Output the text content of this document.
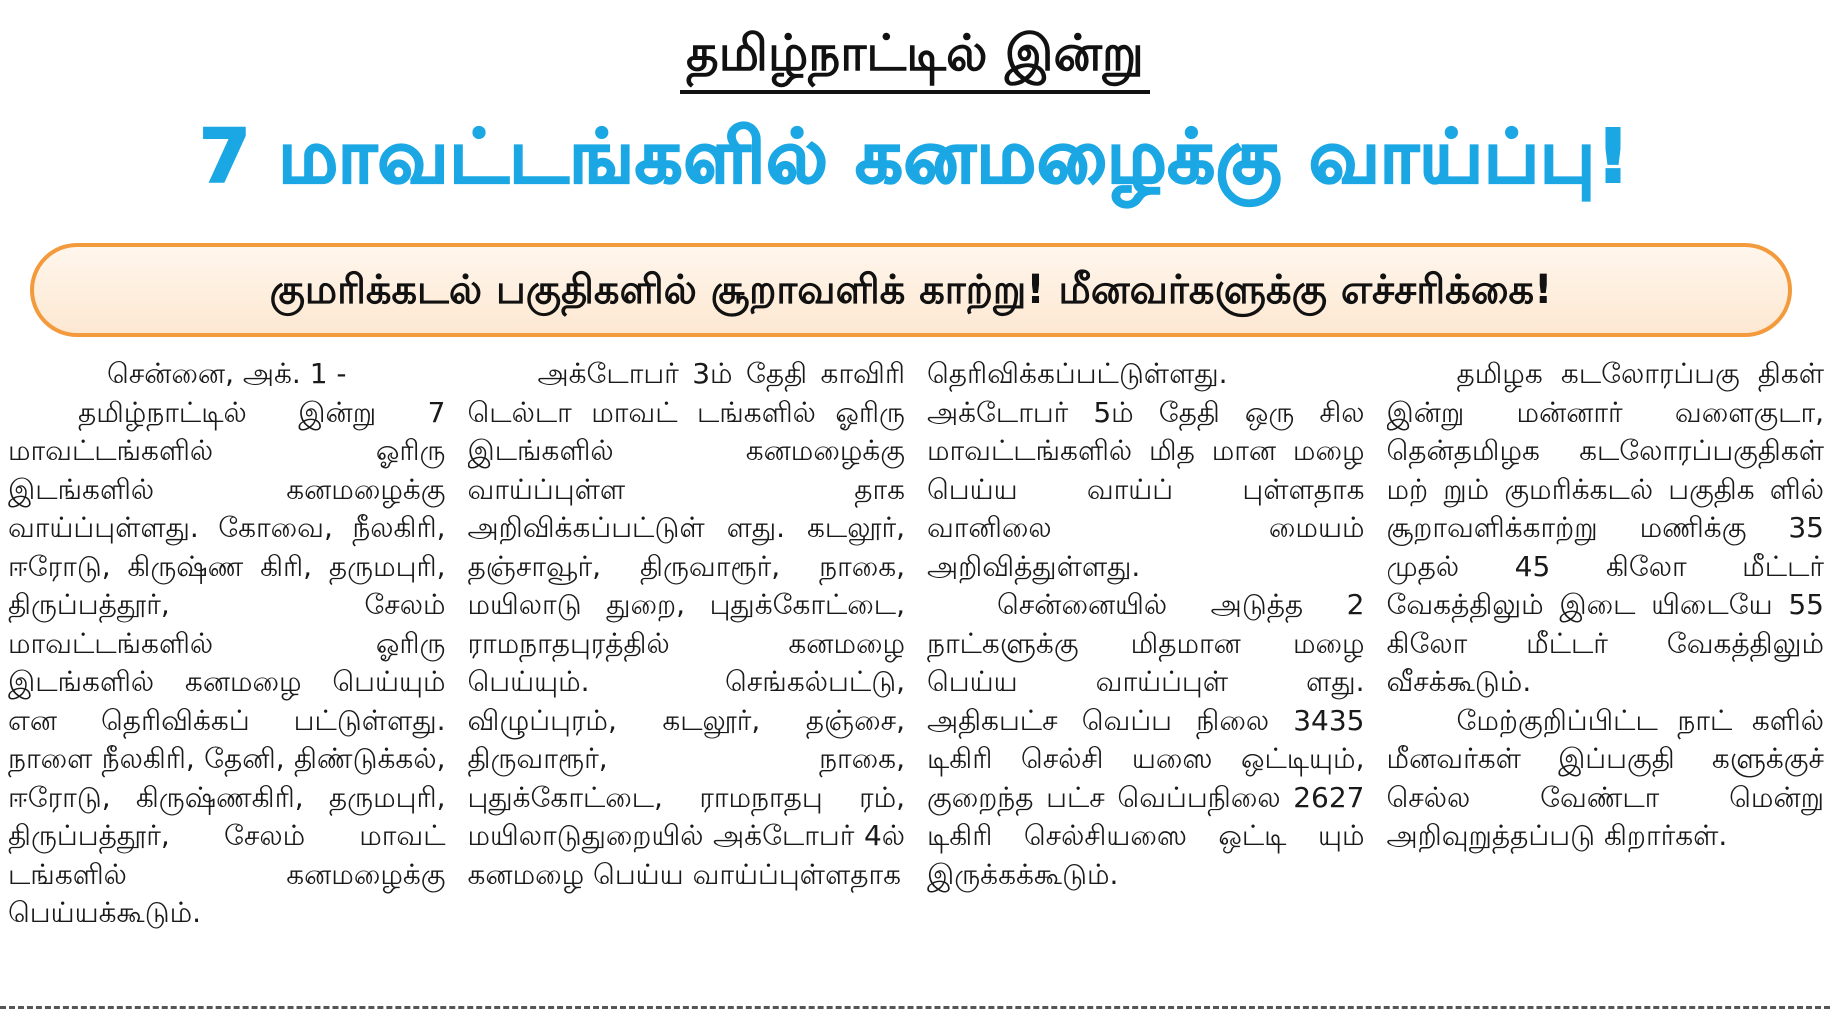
தமிழ்நாட்டில் இன்று
7 மாவட்டங்களில் கனமழைக்கு வாய்ப்பு!
குமரிக்கடல் பகுதிகளில் சூறாவளிக் காற்று! மீனவர்களுக்கு எச்சரிக்கை!
சென்னை, அக். 1 -

தமிழ்நாட்டில் இன்று 7 மாவட்டங்களில் ஓரிரு இடங்களில் கனமழைக்கு வாய்ப்புள்ளது. கோவை, நீலகிரி, ஈரோடு, கிருஷ்ண கிரி, தருமபுரி, திருப்பத்தூர், சேலம் மாவட்டங்களில் ஓரிரு இடங்களில் கனமழை பெய்யும் என தெரிவிக்கப் பட்டுள்ளது. நாளை நீலகிரி, தேனி, திண்டுக்கல், ஈரோடு, கிருஷ்ணகிரி, தருமபுரி, திருப்பத்தூர், சேலம் மாவட் டங்களில் கனமழைக்கு பெய்யக்கூடும்.

அக்டோபர் 3ம் தேதி காவிரி டெல்டா மாவட் டங்களில் ஓரிரு இடங்களில் கனமழைக்கு வாய்ப்புள்ள தாக அறிவிக்கப்பட்டுள் ளது. கடலூர், தஞ்சாவூர், திருவாரூர், நாகை, மயிலாடு துறை, புதுக்கோட்டை, ராமநாதபுரத்தில் கனமழை பெய்யும். செங்கல்பட்டு, விழுப்புரம், கடலூர், தஞ்சை, திருவாரூர், நாகை, புதுக்கோட்டை, ராமநாதபு ரம், மயிலாடுதுறையில் அக்டோபர் 4ல் கனமழை பெய்ய வாய்ப்புள்ளதாக

தெரிவிக்கப்பட்டுள்ளது. அக்டோபர் 5ம் தேதி ஒரு சில மாவட்டங்களில் மித மான மழை பெய்ய வாய்ப் புள்ளதாக வானிலை மையம் அறிவித்துள்ளது.

சென்னையில் அடுத்த 2 நாட்களுக்கு மிதமான மழை பெய்ய வாய்ப்புள் ளது. அதிகபட்ச வெப்ப நிலை 3435 டிகிரி செல்சி யஸை ஒட்டியும், குறைந்த பட்ச வெப்பநிலை 2627 டிகிரி செல்சியஸை ஒட்டி யும் இருக்கக்கூடும்.

தமிழக கடலோரப்பகு திகள் இன்று மன்னார் வளைகுடா, தென்தமிழக கடலோரப்பகுதிகள் மற் றும் குமரிக்கடல் பகுதிக ளில் சூறாவளிக்காற்று மணிக்கு 35 முதல் 45 கிலோ மீட்டர் வேகத்திலும் இடை யிடையே 55 கிலோ மீட்டர் வேகத்திலும் வீசக்கூடும்.

மேற்குறிப்பிட்ட நாட் களில் மீனவர்கள் இப்பகுதி களுக்குச் செல்ல வேண்டா மென்று அறிவுறுத்தப்படு கிறார்கள்.
